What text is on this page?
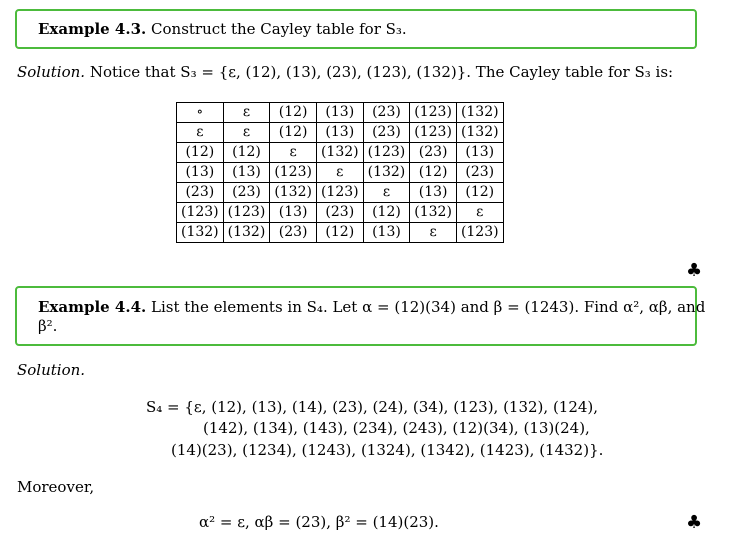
Example 4.3. Construct the Cayley table for S₃.
Solution. Notice that S₃ = {ε, (12), (13), (23), (123), (132)}. The Cayley table for S₃ is:
∘	ε	(12)	(13)	(23)	(123)	(132)
ε	ε	(12)	(13)	(23)	(123)	(132)
(12)	(12)	ε	(132)	(123)	(23)	(13)
(13)	(13)	(123)	ε	(132)	(12)	(23)
(23)	(23)	(132)	(123)	ε	(13)	(12)
(123)	(123)	(13)	(23)	(12)	(132)	ε
(132)	(132)	(23)	(12)	(13)	ε	(123)
♣
Example 4.4. List the elements in S₄. Let α = (12)(34) and β = (1243). Find α², αβ, and
β².
Solution.
S₄ = {ε, (12), (13), (14), (23), (24), (34), (123), (132), (124),
(142), (134), (143), (234), (243), (12)(34), (13)(24),
(14)(23), (1234), (1243), (1324), (1342), (1423), (1432)}.
Moreover,
α² = ε, αβ = (23), β² = (14)(23).	♣
